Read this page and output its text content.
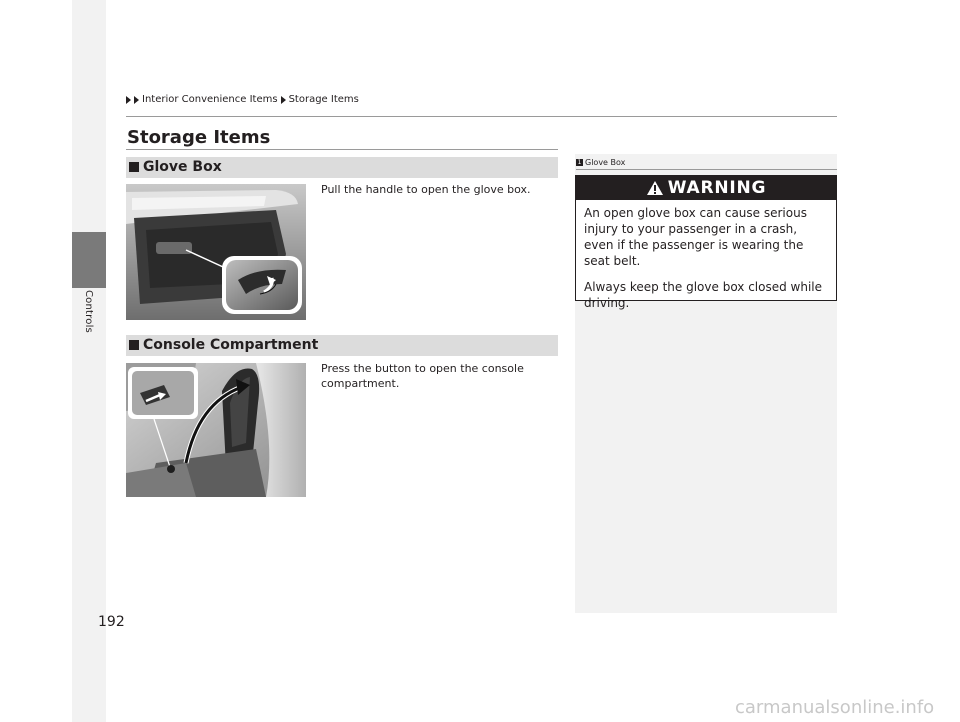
Controls
Interior Convenience Items Storage Items
Storage Items
Glove Box
Pull the handle to open the glove box.
Console Compartment
Press the button to open the console compartment.
1 Glove Box
WARNING

An open glove box can cause serious injury to your passenger in a crash, even if the passenger is wearing the seat belt.

Always keep the glove box closed while driving.

192
carmanualsonline.info
